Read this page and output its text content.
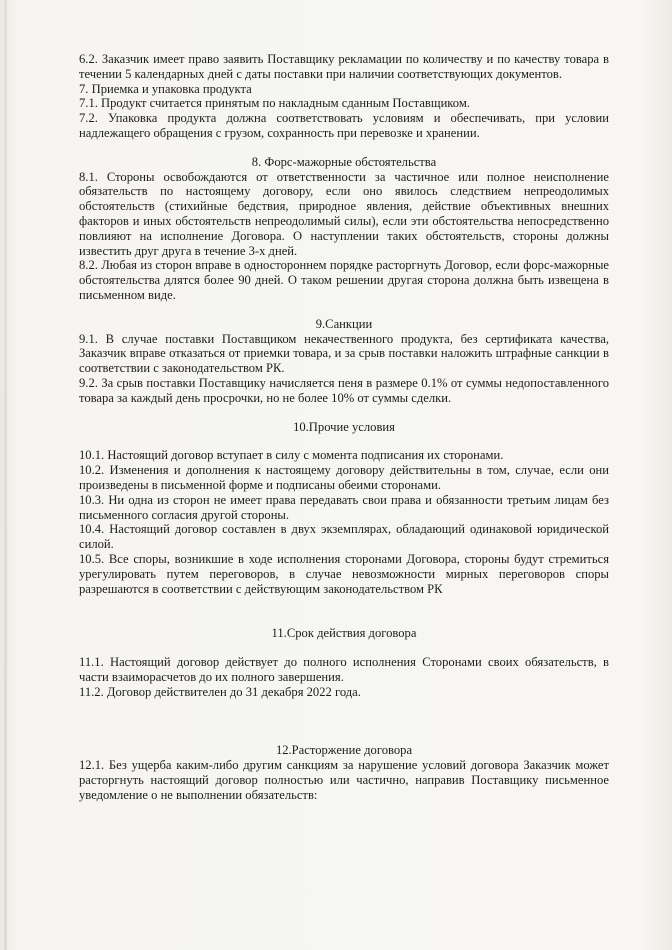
6.2. Заказчик имеет право заявить Поставщику рекламации по количеству и по качеству товара в течении 5 календарных дней с даты поставки при наличии соответствующих документов.

7. Приемка и упаковка продукта

7.1. Продукт считается принятым по накладным сданным Поставщиком.

7.2. Упаковка продукта должна соответствовать условиям и обеспечивать, при условии надлежащего обращения с грузом, сохранность при перевозке и хранении.

8. Форс-мажорные обстоятельства

8.1. Стороны освобождаются от ответственности за частичное или полное неисполнение обязательств по настоящему договору, если оно явилось следствием непреодолимых обстоятельств (стихийные бедствия, природное явления, действие объективных внешних факторов и иных обстоятельств непреодолимый силы), если эти обстоятельства непосредственно повлияют на исполнение Договора. О наступлении таких обстоятельств, стороны должны известить друг друга в течение 3-х дней.

8.2. Любая из сторон вправе в одностороннем порядке расторгнуть Договор, если форс-мажорные обстоятельства длятся более 90 дней. О таком решении другая сторона должна быть извещена в письменном виде.

9.Санкции

9.1. В случае поставки Поставщиком некачественного продукта, без сертификата качества, Заказчик вправе отказаться от приемки товара, и за срыв поставки наложить штрафные санкции в соответствии с законодательством РК.

9.2. За срыв поставки Поставщику начисляется пеня в размере 0.1% от суммы недопоставленного товара за каждый день просрочки, но не более 10% от суммы сделки.

10.Прочие условия

10.1. Настоящий договор вступает в силу с момента подписания их сторонами.

10.2. Изменения и дополнения к настоящему договору действительны в том, случае, если они произведены в письменной форме и подписаны обеими сторонами.

10.3. Ни одна из сторон не имеет права передавать свои права и обязанности третьим лицам без письменного согласия другой стороны.

10.4. Настоящий договор составлен в двух экземплярах, обладающий одинаковой юридической силой.

10.5. Все споры, возникшие в ходе исполнения сторонами Договора, стороны будут стремиться урегулировать путем переговоров, в случае невозможности мирных переговоров споры разрешаются в соответствии с действующим законодательством РК

11.Срок действия договора

11.1. Настоящий договор действует до полного исполнения Сторонами своих обязательств, в части взаиморасчетов до их полного завершения.

11.2. Договор действителен до 31 декабря 2022 года.

12.Расторжение договора

12.1. Без ущерба каким-либо другим санкциям за нарушение условий договора Заказчик может расторгнуть настоящий договор полностью или частично, направив Поставщику письменное уведомление о не выполнении обязательств:
